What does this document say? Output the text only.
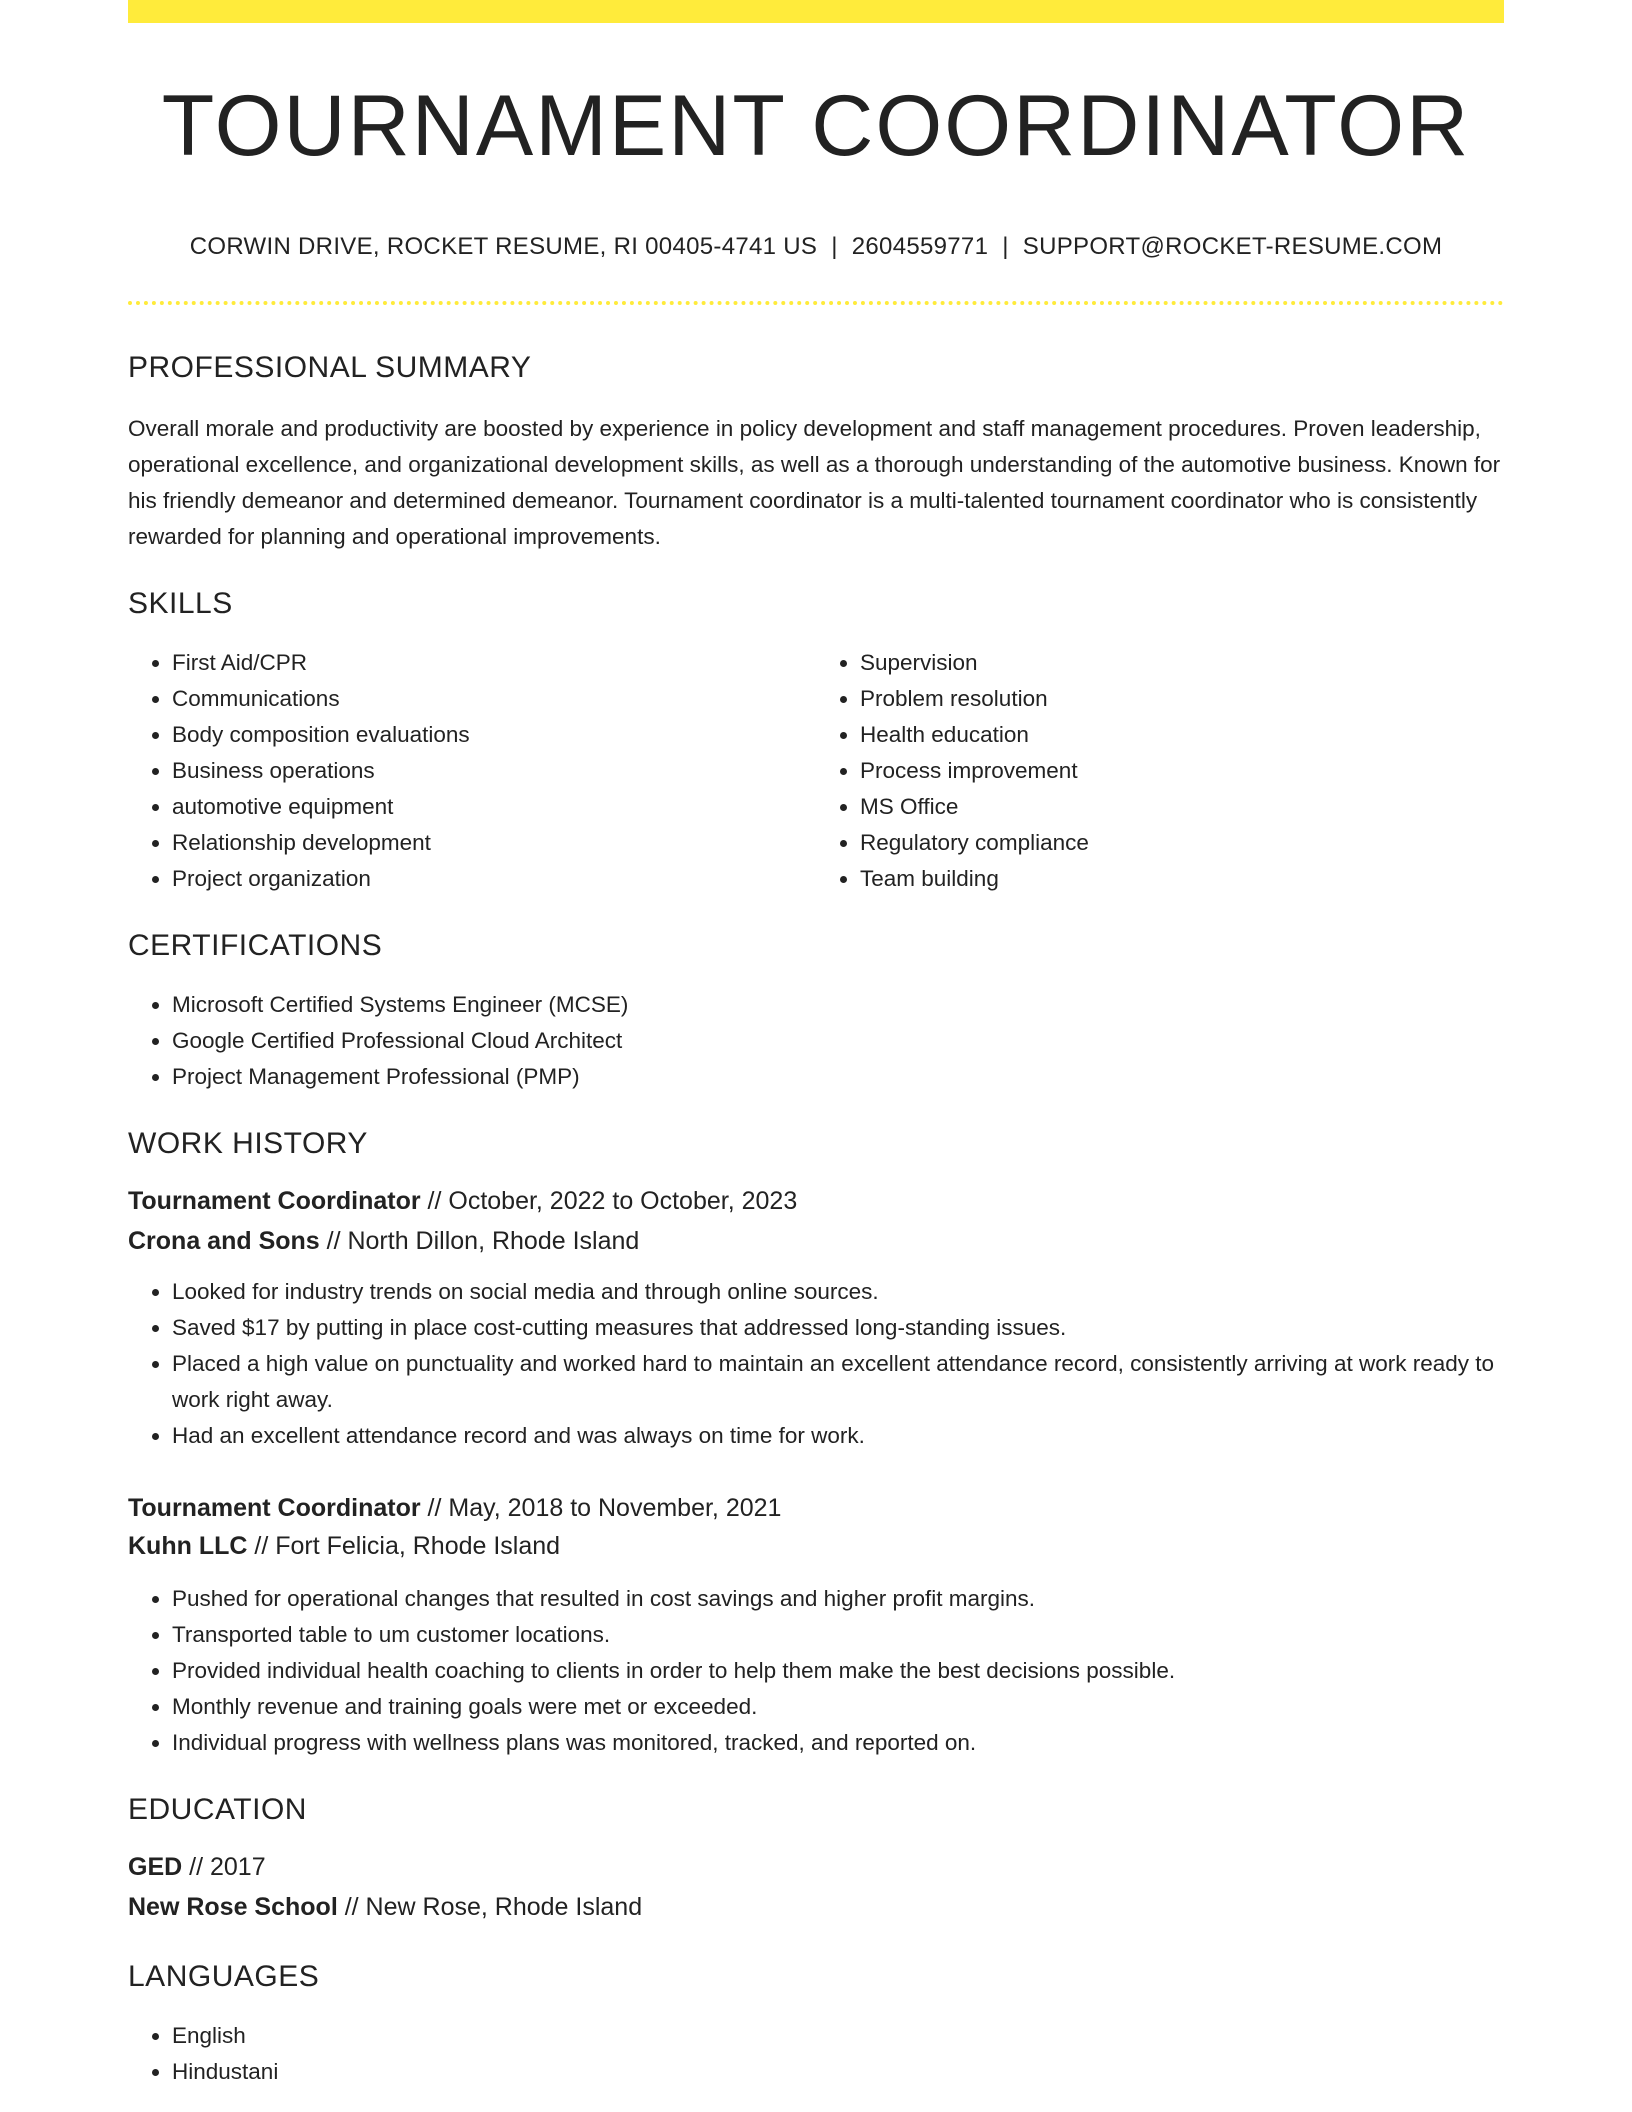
TOURNAMENT COORDINATOR
CORWIN DRIVE, ROCKET RESUME, RI 00405-4741 US | 2604559771 | SUPPORT@ROCKET-RESUME.COM
PROFESSIONAL SUMMARY

Overall morale and productivity are boosted by experience in policy development and staff management procedures. Proven leadership, operational excellence, and organizational development skills, as well as a thorough understanding of the automotive business. Known for his friendly demeanor and determined demeanor. Tournament coordinator is a multi-talented tournament coordinator who is consistently rewarded for planning and operational improvements.

SKILLS
• First Aid/CPR
• Communications
• Body composition evaluations
• Business operations
• automotive equipment
• Relationship development
• Project organization
• Supervision
• Problem resolution
• Health education
• Process improvement
• MS Office
• Regulatory compliance
• Team building
CERTIFICATIONS
• Microsoft Certified Systems Engineer (MCSE)
• Google Certified Professional Cloud Architect
• Project Management Professional (PMP)
WORK HISTORY
Tournament Coordinator // October, 2022 to October, 2023
Crona and Sons // North Dillon, Rhode Island
• Looked for industry trends on social media and through online sources.
• Saved $17 by putting in place cost-cutting measures that addressed long-standing issues.
• Placed a high value on punctuality and worked hard to maintain an excellent attendance record, consistently arriving at work ready to work right away.
• Had an excellent attendance record and was always on time for work.
Tournament Coordinator // May, 2018 to November, 2021
Kuhn LLC // Fort Felicia, Rhode Island
• Pushed for operational changes that resulted in cost savings and higher profit margins.
• Transported table to um customer locations.
• Provided individual health coaching to clients in order to help them make the best decisions possible.
• Monthly revenue and training goals were met or exceeded.
• Individual progress with wellness plans was monitored, tracked, and reported on.
EDUCATION
GED // 2017
New Rose School // New Rose, Rhode Island
LANGUAGES
• English
• Hindustani
